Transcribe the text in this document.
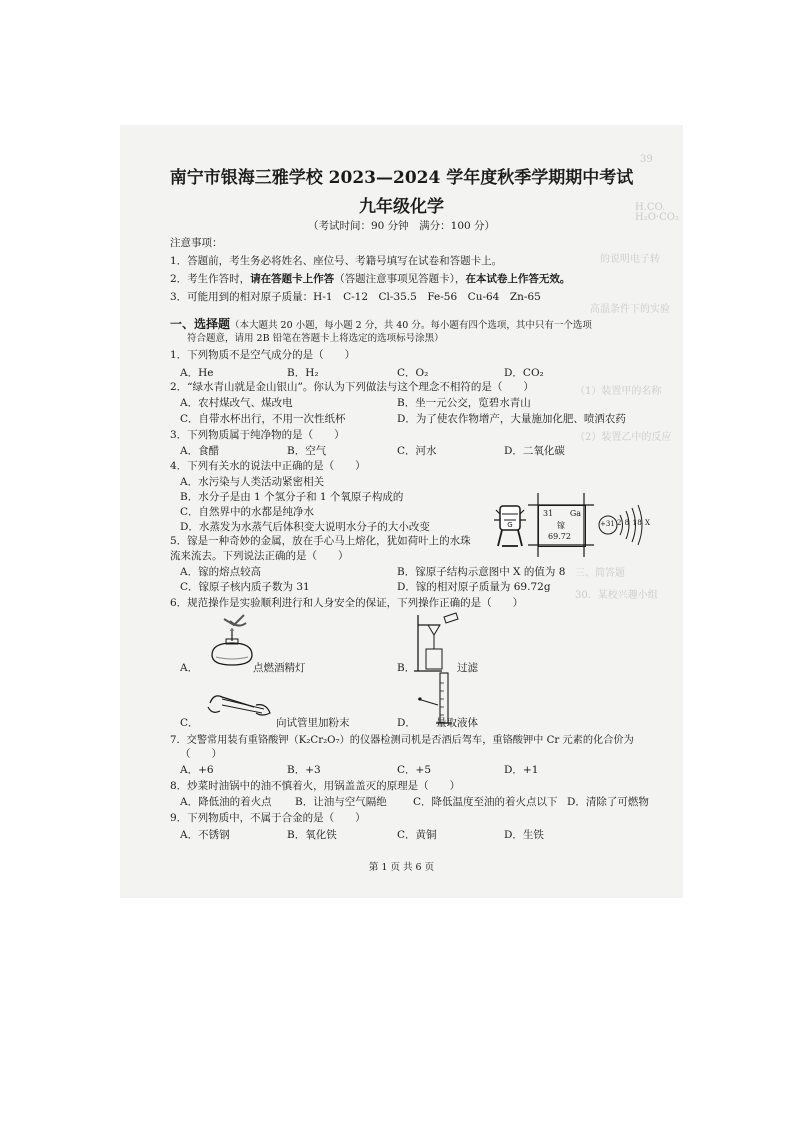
39
H.CO.　　　H₂O·CO₂
的说明电子转
高温条件下的实验
（1）装置甲的名称
（2）装置乙中的反应
三、简答题
30．某校兴趣小组
南宁市银海三雅学校 2023—2024 学年度秋季学期期中考试
九年级化学
（考试时间：90 分钟　满分：100 分）
注意事项：
1．答题前，考生务必将姓名、座位号、考籍号填写在试卷和答题卡上。
2．考生作答时，请在答题卡上作答（答题注意事项见答题卡），在本试卷上作答无效。
3．可能用到的相对原子质量：H-1　C-12　Cl-35.5　Fe-56　Cu-64　Zn-65
一、选择题（本大题共 20 小题，每小题 2 分，共 40 分。每小题有四个选项，其中只有一个选项
符合题意，请用 2B 铅笔在答题卡上将选定的选项标号涂黑）
1．下列物质不是空气成分的是（　　）
A．He	B．H₂	C．O₂	D．CO₂
2．“绿水青山就是金山银山”。你认为下列做法与这个理念不相符的是（　　）
A．农村煤改气、煤改电	B．坐一元公交，览碧水青山
C．自带水杯出行，不用一次性纸杯	D．为了使农作物增产，大量施加化肥、喷洒农药
3．下列物质属于纯净物的是（　　）
A．食醋	B．空气	C．河水	D．二氧化碳
4．下列有关水的说法中正确的是（　　）
A．水污染与人类活动紧密相关
B．水分子是由 1 个氢分子和 1 个氧原子构成的
C．自然界中的水都是纯净水
D．水蒸发为水蒸气后体积变大说明水分子的大小改变	G
31 Ga
镓
69.72
+31 2 8 18 X
5．镓是一种奇妙的金属，放在手心马上熔化，犹如荷叶上的水珠
流来流去。下列说法正确的是（　　）
A．镓的熔点较高	B．镓原子结构示意图中 X 的值为 8
C．镓原子核内质子数为 31	D．镓的相对原子质量为 69.72g
6．规范操作是实验顺利进行和人身安全的保证，下列操作正确的是（　　）
A．	点燃酒精灯	B．	过滤
C．	向试管里加粉末	D． 量取液体
7．交警常用装有重铬酸钾（K₂Cr₂O₇）的仪器检测司机是否酒后驾车，重铬酸钾中 Cr 元素的化合价为
（　　）
A．+6	B．+3	C．+5	D．+1
8．炒菜时油锅中的油不慎着火，用锅盖盖灭的原理是（　　）
A．降低油的着火点 B．让油与空气隔绝	C．降低温度至油的着火点以下 D．清除了可燃物
9．下列物质中，不属于合金的是（　　）
A．不锈钢	B．氧化铁	C．黄铜	D．生铁
第 1 页 共 6 页
